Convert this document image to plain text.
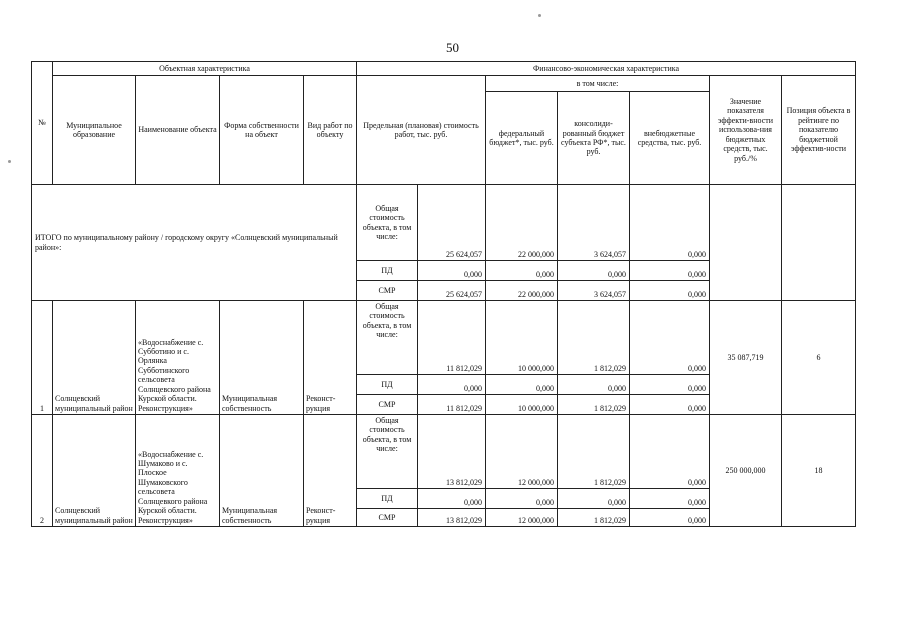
50
№	Объектная характеристика				Финансово-экономическая характеристика						
	Муниципальное образование	Наименование объекта	Форма собственности на объект	Вид работ по объекту	Предельная (плановая) стоимость работ, тыс. руб.		в том числе:			Значение показателя эффекти-вности использова-ния бюджетных средств, тыс. руб./%	Позиция объекта в рейтинге по показателю бюджетной эффектив-ности
							федеральный бюджет*, тыс. руб.	консолиди-рованный бюджет субъекта РФ*, тыс. руб.	внебюджетные средства, тыс. руб.		
ИТОГО по муниципальному району / городскому округу «Солнцевский муниципальный район»:					Общая стоимость объекта, в том числе:	25 624,057	22 000,000	3 624,057	0,000		
					ПД	0,000	0,000	0,000	0,000		
					СМР	25 624,057	22 000,000	3 624,057	0,000		
1	Солнцевский муниципальный район	«Водоснабжение с. Субботино и с. Орлянка Субботинского сельсовета Солнцевского района Курской области. Реконструкция»	Муниципальная собственность	Реконст-рукция	Общая стоимость объекта, в том числе:	11 812,029	10 000,000	1 812,029	0,000	35 087,719	6
					ПД	0,000	0,000	0,000	0,000		
					СМР	11 812,029	10 000,000	1 812,029	0,000		
2	Солнцевский муниципальный район	«Водоснабжение с. Шумаково и с. Плоское Шумаковского сельсовета Солнцевкого района Курской области. Реконструкция»	Муниципальная собственность	Реконст-рукция	Общая стоимость объекта, в том числе:	13 812,029	12 000,000	1 812,029	0,000	250 000,000	18
					ПД	0,000	0,000	0,000	0,000		
					СМР	13 812,029	12 000,000	1 812,029	0,000		
